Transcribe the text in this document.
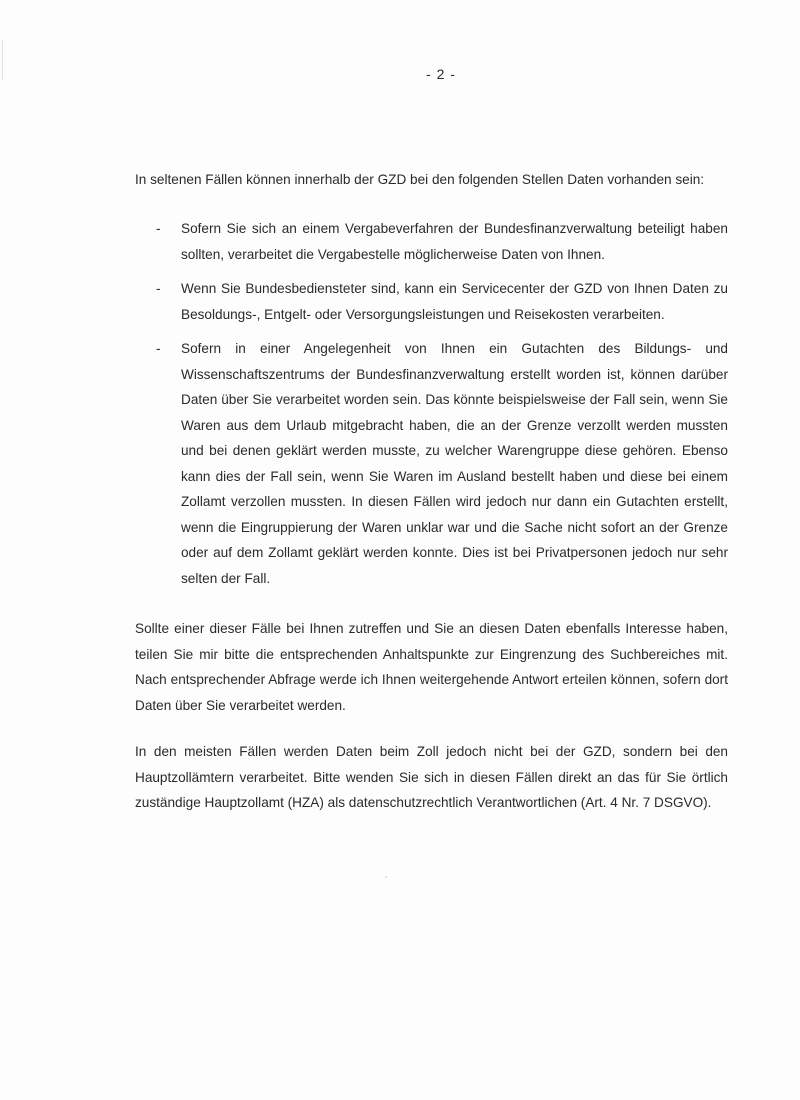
- 2 -

In seltenen Fällen können innerhalb der GZD bei den folgenden Stellen Daten vorhanden sein:

- Sofern Sie sich an einem Vergabeverfahren der Bundesfinanzverwaltung beteiligt haben sollten, verarbeitet die Vergabestelle möglicherweise Daten von Ihnen.
- Wenn Sie Bundesbediensteter sind, kann ein Servicecenter der GZD von Ihnen Daten zu Besoldungs-, Entgelt- oder Versorgungsleistungen und Reisekosten verarbeiten.
- Sofern in einer Angelegenheit von Ihnen ein Gutachten des Bildungs- und Wissenschaftszentrums der Bundesfinanzverwaltung erstellt worden ist, können darüber Daten über Sie verarbeitet worden sein. Das könnte beispielsweise der Fall sein, wenn Sie Waren aus dem Urlaub mitgebracht haben, die an der Grenze verzollt werden mussten und bei denen geklärt werden musste, zu welcher Warengruppe diese gehören. Ebenso kann dies der Fall sein, wenn Sie Waren im Ausland bestellt haben und diese bei einem Zollamt verzollen mussten. In diesen Fällen wird jedoch nur dann ein Gutachten erstellt, wenn die Eingruppierung der Waren unklar war und die Sache nicht sofort an der Grenze oder auf dem Zollamt geklärt werden konnte. Dies ist bei Privatpersonen jedoch nur sehr selten der Fall.

Sollte einer dieser Fälle bei Ihnen zutreffen und Sie an diesen Daten ebenfalls Interesse haben, teilen Sie mir bitte die entsprechenden Anhaltspunkte zur Eingrenzung des Suchbereiches mit. Nach entsprechender Abfrage werde ich Ihnen weitergehende Antwort erteilen können, sofern dort Daten über Sie verarbeitet werden.

In den meisten Fällen werden Daten beim Zoll jedoch nicht bei der GZD, sondern bei den Hauptzollämtern verarbeitet. Bitte wenden Sie sich in diesen Fällen direkt an das für Sie örtlich zuständige Hauptzollamt (HZA) als datenschutzrechtlich Verantwortlichen (Art. 4 Nr. 7 DSGVO).
